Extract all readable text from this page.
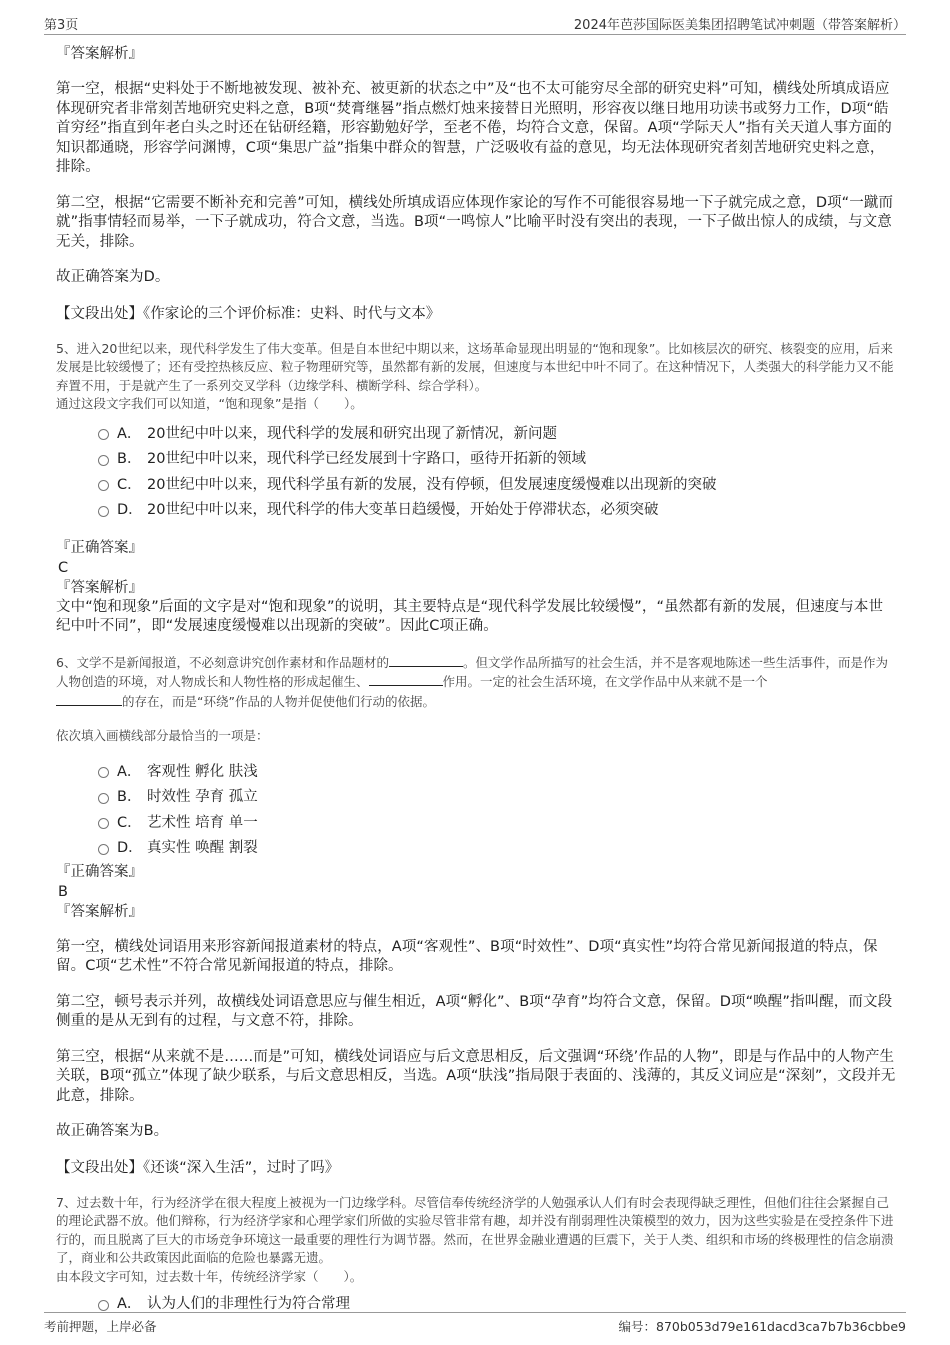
第3页	2024年芭莎国际医美集团招聘笔试冲刺题（带答案解析）
『答案解析』

第一空，根据“史料处于不断地被发现、被补充、被更新的状态之中”及“也不太可能穷尽全部的研究史料”可知，横线处所填成语应体现研究者非常刻苦地研究史料之意，B项“焚膏继晷”指点燃灯烛来接替日光照明，形容夜以继日地用功读书或努力工作，D项“皓首穷经”指直到年老白头之时还在钻研经籍，形容勤勉好学，至老不倦，均符合文意，保留。A项“学际天人”指有关天道人事方面的知识都通晓，形容学问渊博，C项“集思广益”指集中群众的智慧，广泛吸收有益的意见，均无法体现研究者刻苦地研究史料之意，排除。

第二空，根据“它需要不断补充和完善”可知，横线处所填成语应体现作家论的写作不可能很容易地一下子就完成之意，D项“一蹴而就”指事情轻而易举，一下子就成功，符合文意，当选。B项“一鸣惊人”比喻平时没有突出的表现，一下子做出惊人的成绩，与文意无关，排除。

故正确答案为D。

【文段出处】《作家论的三个评价标准：史料、时代与文本》

5、进入20世纪以来，现代科学发生了伟大变革。但是自本世纪中期以来，这场革命显现出明显的“饱和现象”。比如核层次的研究、核裂变的应用，后来发展是比较缓慢了；还有受控热核反应、粒子物理研究等，虽然都有新的发展，但速度与本世纪中叶不同了。在这种情况下，人类强大的科学能力又不能弃置不用，于是就产生了一系列交叉学科（边缘学科、横断学科、综合学科）。

通过这段文字我们可以知道，“饱和现象”是指（　　）。

A． 20世纪中叶以来，现代科学的发展和研究出现了新情况，新问题
B． 20世纪中叶以来，现代科学已经发展到十字路口，亟待开拓新的领域
C． 20世纪中叶以来，现代科学虽有新的发展，没有停顿，但发展速度缓慢难以出现新的突破
D． 20世纪中叶以来，现代科学的伟大变革日趋缓慢，开始处于停滞状态，必须突破
『正确答案』
C
『答案解析』

文中“饱和现象”后面的文字是对“饱和现象”的说明，其主要特点是“现代科学发展比较缓慢”，“虽然都有新的发展，但速度与本世纪中叶不同”，即“发展速度缓慢难以出现新的突破”。因此C项正确。

6、文学不是新闻报道，不必刻意讲究创作素材和作品题材的	。但文学作品所描写的社会生活，并不是客观地陈述一些生活事件，而是作为人物创造的环境，对人物成长和人物性格的形成起催生、	作用。一定的社会生活环境，在文学作品中从来就不是一个
的存在，而是“环绕”作品的人物并促使他们行动的依据。

依次填入画横线部分最恰当的一项是：

A． 客观性 孵化 肤浅
B． 时效性 孕育 孤立
C． 艺术性 培育 单一
D． 真实性 唤醒 割裂
『正确答案』
B
『答案解析』

第一空，横线处词语用来形容新闻报道素材的特点，A项“客观性”、B项“时效性”、D项“真实性”均符合常见新闻报道的特点，保留。C项“艺术性”不符合常见新闻报道的特点，排除。

第二空，顿号表示并列，故横线处词语意思应与催生相近，A项“孵化”、B项“孕育”均符合文意，保留。D项“唤醒”指叫醒，而文段侧重的是从无到有的过程，与文意不符，排除。

第三空，根据“从来就不是……而是”可知，横线处词语应与后文意思相反，后文强调“环绕’作品的人物”，即是与作品中的人物产生关联，B项“孤立”体现了缺少联系，与后文意思相反，当选。A项“肤浅”指局限于表面的、浅薄的，其反义词应是“深刻”，文段并无此意，排除。

故正确答案为B。

【文段出处】《还谈“深入生活”，过时了吗》

7、过去数十年，行为经济学在很大程度上被视为一门边缘学科。尽管信奉传统经济学的人勉强承认人们有时会表现得缺乏理性，但他们往往会紧握自己的理论武器不放。他们辩称，行为经济学家和心理学家们所做的实验尽管非常有趣，却并没有削弱理性决策模型的效力，因为这些实验是在受控条件下进行的，而且脱离了巨大的市场竞争环境这一最重要的理性行为调节器。然而，在世界金融业遭遇的巨震下，关于人类、组织和市场的终极理性的信念崩溃了，商业和公共政策因此面临的危险也暴露无遗。

由本段文字可知，过去数十年，传统经济学家（　　）。

A． 认为人们的非理性行为符合常理
考前押题，上岸必备	编号：870b053d79e161dacd3ca7b7b36cbbe9
